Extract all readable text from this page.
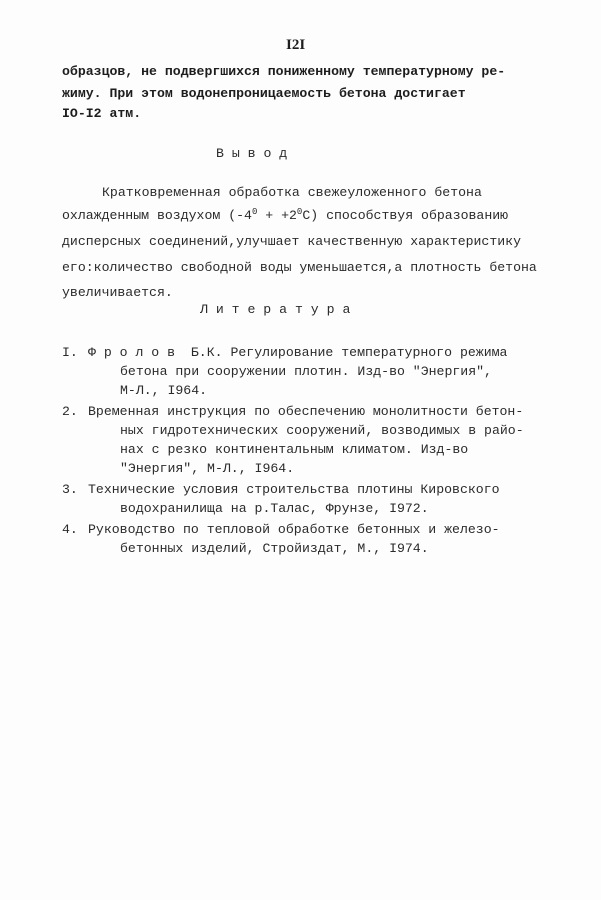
I2I
образцов, не подвергшихся пониженному температурному ре-
жиму. При этом водонепроницаемость бетона достигает
IO-I2 атм.
В ы в о д
Кратковременная обработка свежеуложенного бетона
охлажденным воздухом $(-4^0 + +2^0С)$ способствуя образованию
дисперсных соединений,улучшает качественную характеристику
его:количество свободной воды уменьшается,а плотность бетона
увеличивается.
Л и т е р а т у р а
I. Ф р о л о в  Б.К. Регулирование температурного режима
бетона при сооружении плотин. Изд-во "Энергия",
М-Л., I964.
2. Временная инструкция по обеспечению монолитности бетон-
ных гидротехнических сооружений, возводимых в райо-
нах с резко континентальным климатом. Изд-во
"Энергия", М-Л., I964.
3. Технические условия строительства плотины Кировского
водохранилища на р.Талас, Фрунзе, I972.
4. Руководство по тепловой обработке бетонных и железо-
бетонных изделий, Стройиздат, М., I974.
